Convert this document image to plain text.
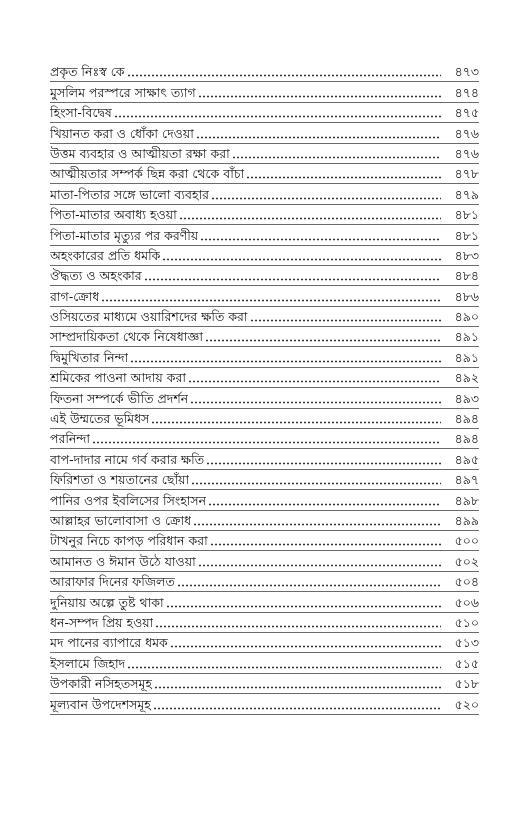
প্রকৃত নিঃস্ব কে	৪৭৩
মুসলিম পরস্পরে সাক্ষাৎ ত্যাগ	৪৭৪
হিংসা-বিদ্বেষ	৪৭৫
খিয়ানত করা ও ধোঁকা দেওয়া	৪৭৬
উত্তম ব্যবহার ও আত্মীয়তা রক্ষা করা	৪৭৬
আত্মীয়তার সম্পর্ক ছিন্ন করা থেকে বাঁচা	৪৭৮
মাতা-পিতার সঙ্গে ভালো ব্যবহার	৪৭৯
পিতা-মাতার অবাধ্য হওয়া	৪৮১
পিতা-মাতার মৃত্যুর পর করণীয়	৪৮১
অহংকারের প্রতি ধমকি	৪৮৩
ঔদ্ধত্য ও অহংকার	৪৮৪
রাগ-ক্রোধ	৪৮৬
ওসিয়তের মাধ্যমে ওয়ারিশদের ক্ষতি করা	৪৯০
সাম্প্রদায়িকতা থেকে নিষেধাজ্ঞা	৪৯১
দ্বিমুখিতার নিন্দা	৪৯১
শ্রমিকের পাওনা আদায় করা	৪৯২
ফিতনা সম্পর্কে ভীতি প্রদর্শন	৪৯৩
এই উম্মতের ভূমিধস	৪৯৪
পরনিন্দা	৪৯৪
বাপ-দাদার নামে গর্ব করার ক্ষতি	৪৯৫
ফিরিশতা ও শয়তানের ছোঁয়া	৪৯৭
পানির ওপর ইবলিসের সিংহাসন	৪৯৮
আল্লাহর ভালোবাসা ও ক্রোধ	৪৯৯
টাখনুর নিচে কাপড় পরিধান করা	৫০০
আমানত ও ঈমান উঠে যাওয়া	৫০২
আরাফার দিনের ফজিলত	৫০৪
দুনিয়ায় অল্পে তুষ্ট থাকা	৫০৬
ধন-সম্পদ প্রিয় হওয়া	৫১০
মদ পানের ব্যাপারে ধমক	৫১৩
ইসলামে জিহাদ	৫১৫
উপকারী নসিহতসমূহ	৫১৮
মূল্যবান উপদেশসমূহ	৫২০
